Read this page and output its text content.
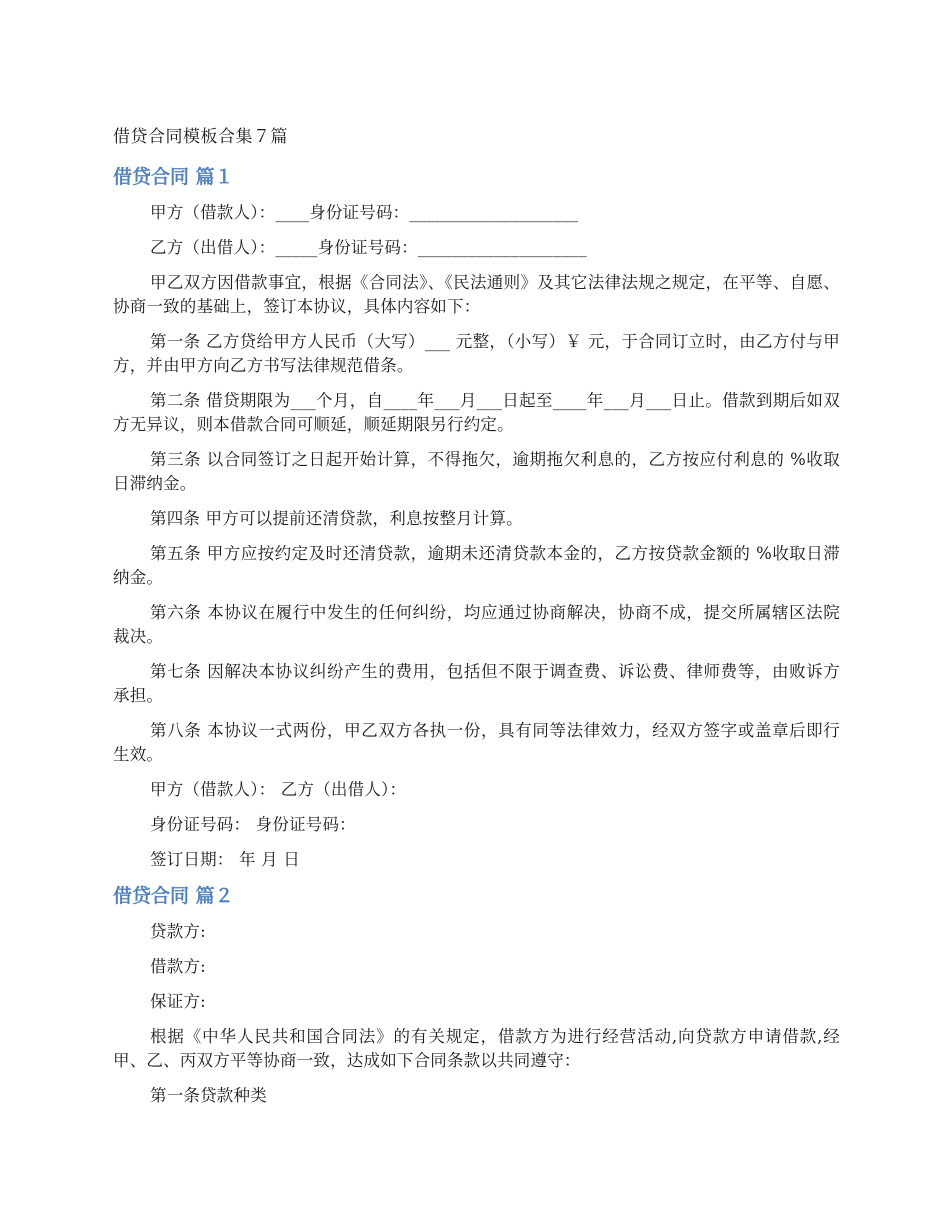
借贷合同模板合集７篇
借贷合同 篇１

甲方（借款人）：____身份证号码：____________________

乙方（出借人）：_____身份证号码：____________________

甲乙双方因借款事宜，根据《合同法》、《民法通则》及其它法律法规之规定，在平等、自愿、协商一致的基础上，签订本协议，具体内容如下：

第一条 乙方贷给甲方人民币（大写）___ 元整，（小写）￥ 元，于合同订立时，由乙方付与甲方，并由甲方向乙方书写法律规范借条。

第二条 借贷期限为___个月，自____年___月___日起至____年___月___日止。借款到期后如双方无异议，则本借款合同可顺延，顺延期限另行约定。

第三条 以合同签订之日起开始计算，不得拖欠，逾期拖欠利息的，乙方按应付利息的 %收取日滞纳金。

第四条 甲方可以提前还清贷款，利息按整月计算。

第五条 甲方应按约定及时还清贷款，逾期未还清贷款本金的，乙方按贷款金额的 %收取日滞纳金。

第六条 本协议在履行中发生的任何纠纷，均应通过协商解决，协商不成，提交所属辖区法院裁决。

第七条 因解决本协议纠纷产生的费用，包括但不限于调查费、诉讼费、律师费等，由败诉方承担。

第八条 本协议一式两份，甲乙双方各执一份，具有同等法律效力，经双方签字或盖章后即行生效。

甲方（借款人）： 乙方（出借人）：

身份证号码： 身份证号码：

签订日期： 年 月 日

借贷合同 篇２

贷款方:

借款方:

保证方:

根据《中华人民共和国合同法》的有关规定，借款方为进行经营活动,向贷款方申请借款,经甲、乙、丙双方平等协商一致，达成如下合同条款以共同遵守：

第一条贷款种类
